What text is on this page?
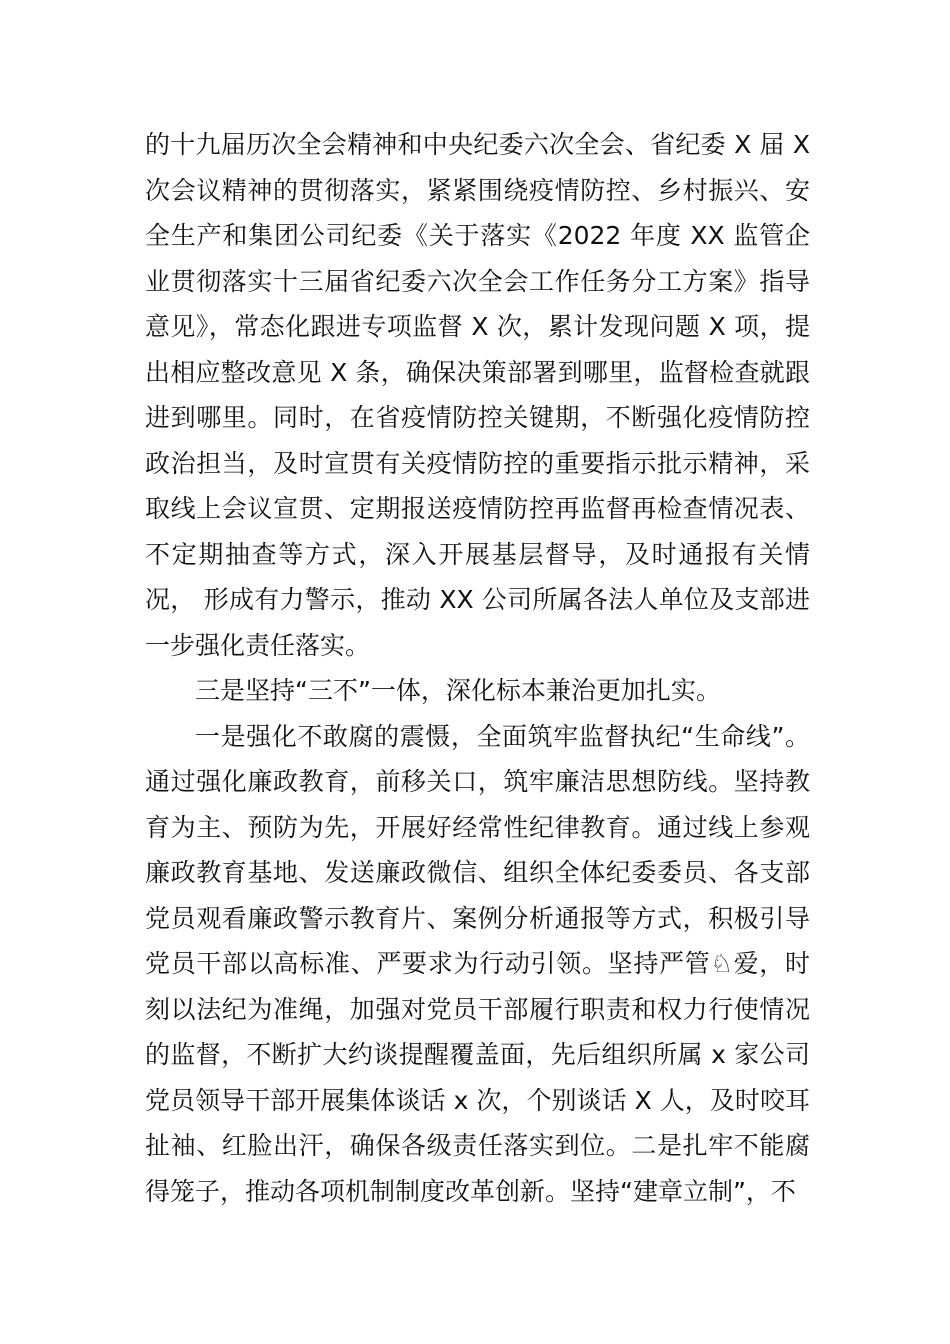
的十九届历次全会精神和中央纪委六次全会、省纪委 X 届 X 次会议精神的贯彻落实，紧紧围绕疫情防控、乡村振兴、安全生产和集团公司纪委《关于落实《2022 年度 XX 监管企业贯彻落实十三届省纪委六次全会工作任务分工方案》指导意见》，常态化跟进专项监督 X 次，累计发现问题 X 项，提出相应整改意见 X 条，确保决策部署到哪里，监督检查就跟进到哪里。同时，在省疫情防控关键期，不断强化疫情防控政治担当，及时宣贯有关疫情防控的重要指示批示精神，采取线上会议宣贯、定期报送疫情防控再监督再检查情况表、不定期抽查等方式，深入开展基层督导，及时通报有关情况， 形成有力警示，推动 XX 公司所属各法人单位及支部进一步强化责任落实。

三是坚持“三不”一体，深化标本兼治更加扎实。

一是强化不敢腐的震慑，全面筑牢监督执纪“生命线”。通过强化廉政教育，前移关口，筑牢廉洁思想防线。坚持教育为主、预防为先，开展好经常性纪律教育。通过线上参观廉政教育基地、发送廉政微信、组织全体纪委委员、各支部党员观看廉政警示教育片、案例分析通报等方式，积极引导党员干部以高标准、严要求为行动引领。坚持严管♘爱，时刻以法纪为准绳，加强对党员干部履行职责和权力行使情况的监督，不断扩大约谈提醒覆盖面，先后组织所属 x 家公司党员领导干部开展集体谈话 x 次，个别谈话 X 人，及时咬耳扯袖、红脸出汗，确保各级责任落实到位。二是扎牢不能腐得笼子，推动各项机制制度改革创新。坚持“建章立制”，不
